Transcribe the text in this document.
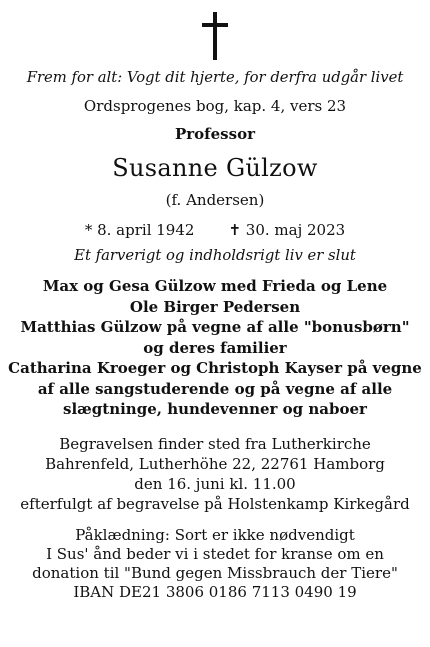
Frem for alt: Vogt dit hjerte, for derfra udgår livet
Ordsprogenes bog, kap. 4, vers 23
Professor
Susanne Gülzow
(f. Andersen)
* 8. april 1942 ✝ 30. maj 2023
Et farverigt og indholdsrigt liv er slut
Max og Gesa Gülzow med Frieda og Lene
Ole Birger Pedersen
Matthias Gülzow på vegne af alle "bonusbørn"
og deres familier
Catharina Kroeger og Christoph Kayser på vegne
af alle sangstuderende og på vegne af alle
slægtninge, hundevenner og naboer
Begravelsen finder sted fra Lutherkirche
Bahrenfeld, Lutherhöhe 22, 22761 Hamborg
den 16. juni kl. 11.00
efterfulgt af begravelse på Holstenkamp Kirkegård
Påklædning: Sort er ikke nødvendigt
I Sus' ånd beder vi i stedet for kranse om en
donation til "Bund gegen Missbrauch der Tiere"
IBAN DE21 3806 0186 7113 0490 19
